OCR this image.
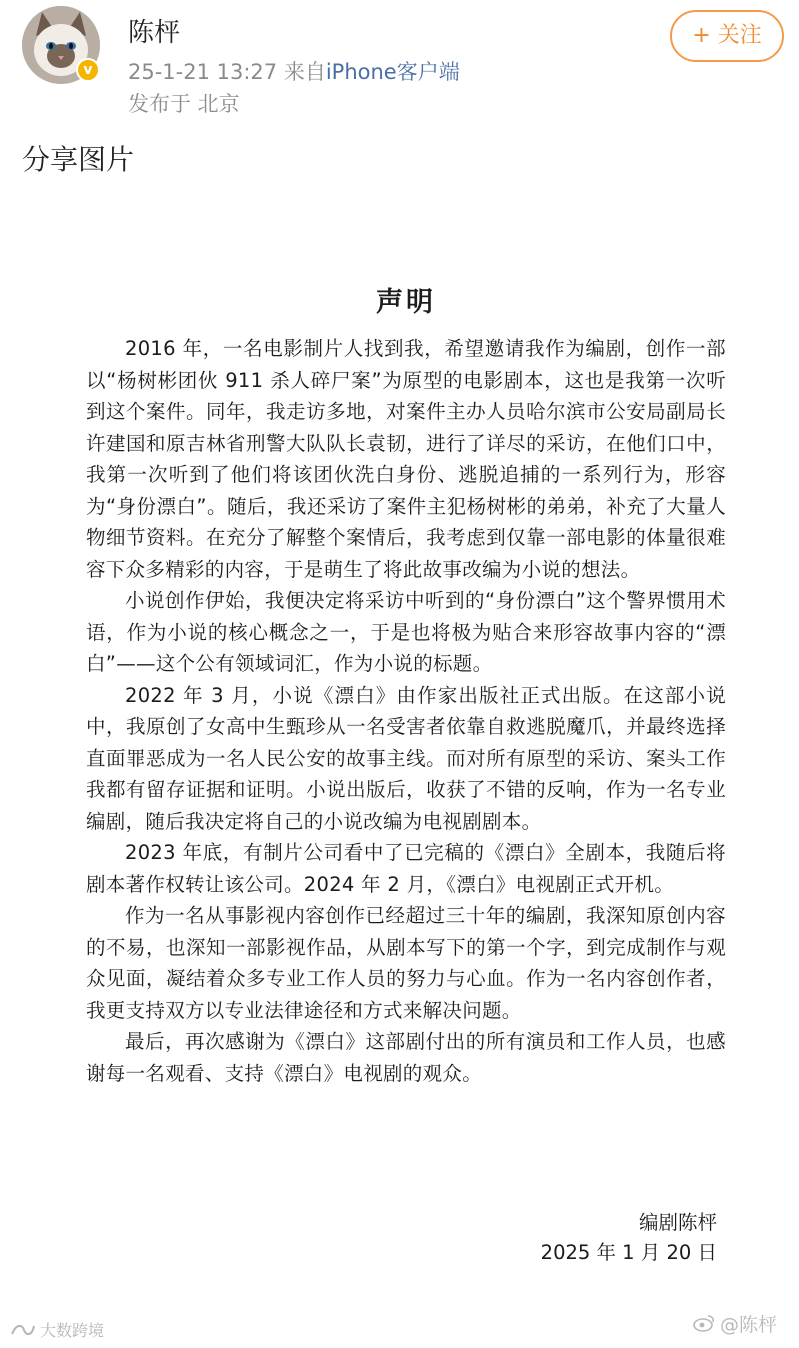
v
陈枰
25-1-21 13:27 来自iPhone客户端
发布于 北京
+ 关注
分享图片
声明

2016 年，一名电影制片人找到我，希望邀请我作为编剧，创作一部以“杨树彬团伙 911 杀人碎尸案”为原型的电影剧本，这也是我第一次听到这个案件。同年，我走访多地，对案件主办人员哈尔滨市公安局副局长许建国和原吉林省刑警大队队长袁韧，进行了详尽的采访，在他们口中，我第一次听到了他们将该团伙洗白身份、逃脱追捕的一系列行为，形容为“身份漂白”。随后，我还采访了案件主犯杨树彬的弟弟，补充了大量人物细节资料。在充分了解整个案情后，我考虑到仅靠一部电影的体量很难容下众多精彩的内容，于是萌生了将此故事改编为小说的想法。

小说创作伊始，我便决定将采访中听到的“身份漂白”这个警界惯用术语，作为小说的核心概念之一，于是也将极为贴合来形容故事内容的“漂白”——这个公有领域词汇，作为小说的标题。

2022 年 3 月，小说《漂白》由作家出版社正式出版。在这部小说中，我原创了女高中生甄珍从一名受害者依靠自救逃脱魔爪，并最终选择直面罪恶成为一名人民公安的故事主线。而对所有原型的采访、案头工作我都有留存证据和证明。小说出版后，收获了不错的反响，作为一名专业编剧，随后我决定将自己的小说改编为电视剧剧本。

2023 年底，有制片公司看中了已完稿的《漂白》全剧本，我随后将剧本著作权转让该公司。2024 年 2 月，《漂白》电视剧正式开机。

作为一名从事影视内容创作已经超过三十年的编剧，我深知原创内容的不易，也深知一部影视作品，从剧本写下的第一个字，到完成制作与观众见面，凝结着众多专业工作人员的努力与心血。作为一名内容创作者，我更支持双方以专业法律途径和方式来解决问题。

最后，再次感谢为《漂白》这部剧付出的所有演员和工作人员，也感谢每一名观看、支持《漂白》电视剧的观众。

编剧陈枰
2025 年 1 月 20 日
大数跨境	@陈枰
